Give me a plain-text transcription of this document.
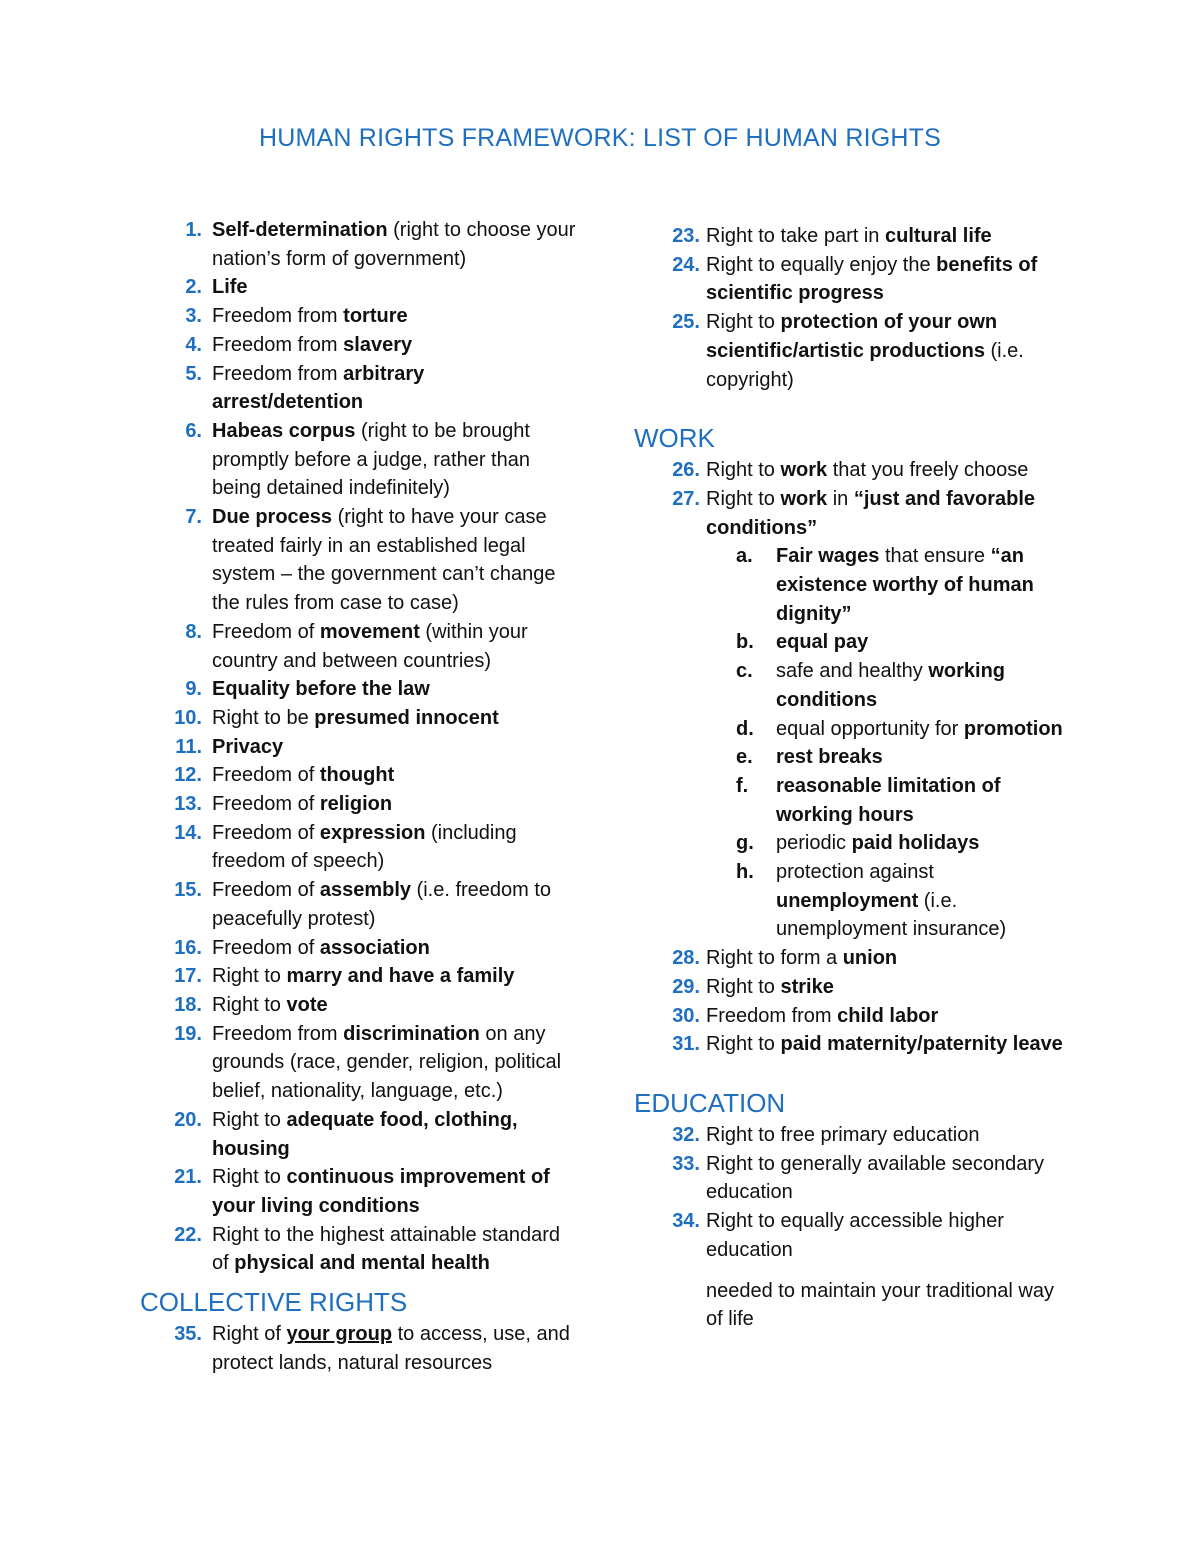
HUMAN RIGHTS FRAMEWORK: LIST OF HUMAN RIGHTS
1. Self-determination (right to choose your nation’s form of government)
2. Life
3. Freedom from torture
4. Freedom from slavery
5. Freedom from arbitrary arrest/detention
6. Habeas corpus (right to be brought promptly before a judge, rather than being detained indefinitely)
7. Due process (right to have your case treated fairly in an established legal system – the government can’t change the rules from case to case)
8. Freedom of movement (within your country and between countries)
9. Equality before the law
10. Right to be presumed innocent
11. Privacy
12. Freedom of thought
13. Freedom of religion
14. Freedom of expression (including freedom of speech)
15. Freedom of assembly (i.e. freedom to peacefully protest)
16. Freedom of association
17. Right to marry and have a family
18. Right to vote
19. Freedom from discrimination on any grounds (race, gender, religion, political belief, nationality, language, etc.)
20. Right to adequate food, clothing, housing
21. Right to continuous improvement of your living conditions
22. Right to the highest attainable standard of physical and mental health
COLLECTIVE RIGHTS
35. Right of your group to access, use, and protect lands, natural resources
23. Right to take part in cultural life
24. Right to equally enjoy the benefits of scientific progress
25. Right to protection of your own scientific/artistic productions (i.e. copyright)
WORK
26. Right to work that you freely choose
27. Right to work in “just and favorable conditions”
a. Fair wages that ensure “an existence worthy of human dignity”
b. equal pay
c. safe and healthy working conditions
d. equal opportunity for promotion
e. rest breaks
f. reasonable limitation of working hours
g. periodic paid holidays
h. protection against unemployment (i.e. unemployment insurance)
28. Right to form a union
29. Right to strike
30. Freedom from child labor
31. Right to paid maternity/paternity leave
EDUCATION
32. Right to free primary education
33. Right to generally available secondary education
34. Right to equally accessible higher education
needed to maintain your traditional way of life
